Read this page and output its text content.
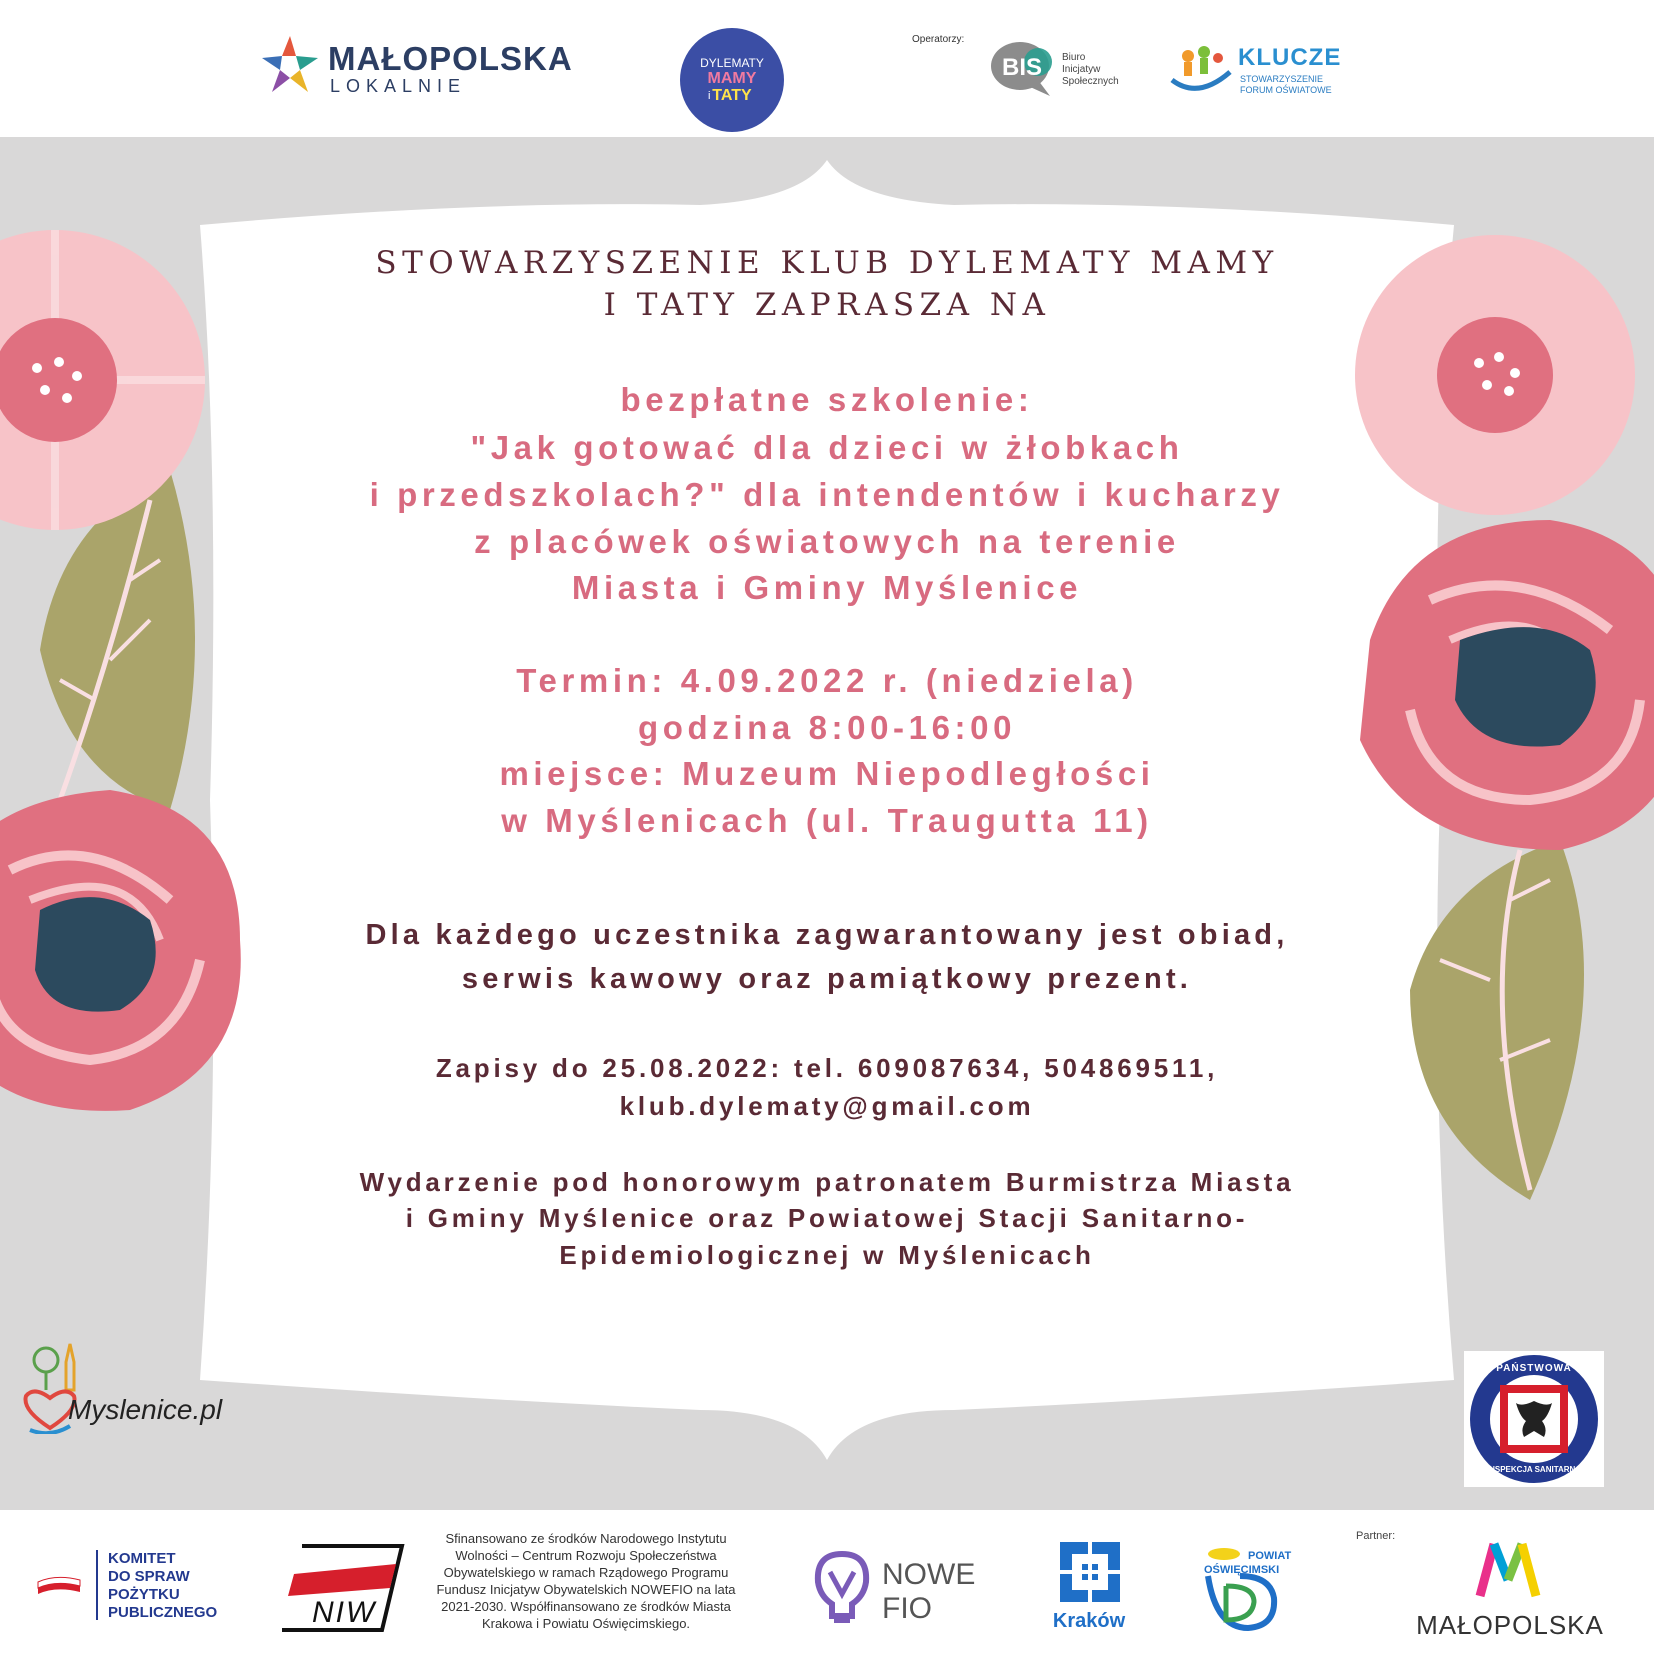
MAŁOPOLSKA
LOKALNIE
DYLEMATY
MAMY
i TATY
Operatorzy:
BIS Biuro
Inicjatyw
Społecznych
KLUCZE
STOWARZYSZENIE
FORUM OŚWIATOWE
STOWARZYSZENIE KLUB DYLEMATY MAMY
I TATY ZAPRASZA NA
bezpłatne szkolenie:
"Jak gotować dla dzieci w żłobkach
i przedszkolach?" dla intendentów i kucharzy
z placówek oświatowych na terenie
Miasta i Gminy Myślenice
Termin: 4.09.2022 r. (niedziela)
godzina 8:00-16:00
miejsce: Muzeum Niepodległości
w Myślenicach (ul. Traugutta 11)
Dla każdego uczestnika zagwarantowany jest obiad,
serwis kawowy oraz pamiątkowy prezent.
Zapisy do 25.08.2022: tel. 609087634, 504869511,
klub.dylematy@gmail.com
Wydarzenie pod honorowym patronatem Burmistrza Miasta
i Gminy Myślenice oraz Powiatowej Stacji Sanitarno-
Epidemiologicznej w Myślenicach
Myslenice.pl
PAŃSTWOWA
INSPEKCJA SANITARNA
KOMITET
DO SPRAW
POŻYTKU
PUBLICZNEGO	NIW
Sfinansowano ze środków Narodowego Instytutu
Wolności – Centrum Rozwoju Społeczeństwa
Obywatelskiego w ramach Rządowego Programu
Fundusz Inicjatyw Obywatelskich NOWEFIO na lata
2021-2030. Współfinansowano ze środków Miasta
Krakowa i Powiatu Oświęcimskiego.
NOWE
FIO	Kraków
POWIAT
OŚWIĘCIMSKI
Partner:
MAŁOPOLSKA
